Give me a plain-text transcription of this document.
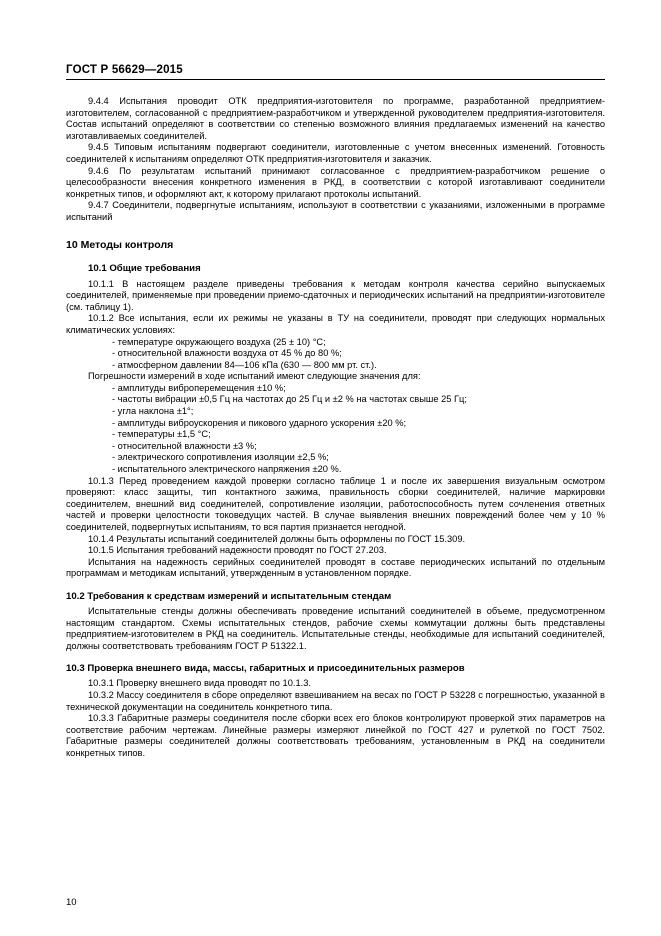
ГОСТ Р 56629—2015

9.4.4 Испытания проводит ОТК предприятия-изготовителя по программе, разработанной предприятием-изготовителем, согласованной с предприятием-разработчиком и утвержденной руководителем предприятия-изготовителя. Состав испытаний определяют в соответствии со степенью возможного влияния предлагаемых изменений на качество изготавливаемых соединителей.

9.4.5 Типовым испытаниям подвергают соединители, изготовленные с учетом внесенных изменений. Готовность соединителей к испытаниям определяют ОТК предприятия-изготовителя и заказчик.

9.4.6 По результатам испытаний принимают согласованное с предприятием-разработчиком решение о целесообразности внесения конкретного изменения в РКД, в соответствии с которой изготавливают соединители конкретных типов, и оформляют акт, к которому прилагают протоколы испытаний.

9.4.7 Соединители, подвергнутые испытаниям, используют в соответствии с указаниями, изложенными в программе испытаний

10 Методы контроля
10.1 Общие требования

10.1.1 В настоящем разделе приведены требования к методам контроля качества серийно выпускаемых соединителей, применяемые при проведении приемо-сдаточных и периодических испытаний на предприятии-изготовителе (см. таблицу 1).

10.1.2 Все испытания, если их режимы не указаны в ТУ на соединители, проводят при следующих нормальных климатических условиях:

- температуре окружающего воздуха (25 ± 10) °С;

- относительной влажности воздуха от 45 % до 80 %;

- атмосферном давлении 84—106 кПа (630 — 800 мм рт. ст.).

Погрешности измерений в ходе испытаний имеют следующие значения для:

- амплитуды виброперемещения ±10 %;

- частоты вибрации ±0,5 Гц на частотах до 25 Гц и ±2 % на частотах свыше 25 Гц;

- угла наклона ±1°;

- амплитуды виброускорения и пикового ударного ускорения ±20 %;

- температуры ±1,5 °С;

- относительной влажности ±3 %;

- электрического сопротивления изоляции ±2,5 %;

- испытательного электрического напряжения ±20 %.

10.1.3 Перед проведением каждой проверки согласно таблице 1 и после их завершения визуальным осмотром проверяют: класс защиты, тип контактного зажима, правильность сборки соединителей, наличие маркировки соединителем, внешний вид соединителей, сопротивление изоляции, работоспособность путем сочленения ответных частей и проверки целостности токоведущих частей. В случае выявления внешних повреждений более чем у 10 % соединителей, подвергнутых испытаниям, то вся партия признается негодной.

10.1.4 Результаты испытаний соединителей должны быть оформлены по ГОСТ 15.309.

10.1.5 Испытания требований надежности проводят по ГОСТ 27.203.

Испытания на надежность серийных соединителей проводят в составе периодических испытаний по отдельным программам и методикам испытаний, утвержденным в установленном порядке.

10.2 Требования к средствам измерений и испытательным стендам

Испытательные стенды должны обеспечивать проведение испытаний соединителей в объеме, предусмотренном настоящим стандартом. Схемы испытательных стендов, рабочие схемы коммутации должны быть представлены предприятием-изготовителем в РКД на соединитель. Испытательные стенды, необходимые для испытаний соединителей, должны соответствовать требованиям ГОСТ Р 51322.1.

10.3 Проверка внешнего вида, массы, габаритных и присоединительных размеров

10.3.1 Проверку внешнего вида проводят по 10.1.3.

10.3.2 Массу соединителя в сборе определяют взвешиванием на весах по ГОСТ Р 53228 с погрешностью, указанной в технической документации на соединитель конкретного типа.

10.3.3 Габаритные размеры соединителя после сборки всех его блоков контролируют проверкой этих параметров на соответствие рабочим чертежам. Линейные размеры измеряют линейкой по ГОСТ 427 и рулеткой по ГОСТ 7502. Габаритные размеры соединителей должны соответствовать требованиям, установленным в РКД на соединители конкретных типов.

10
